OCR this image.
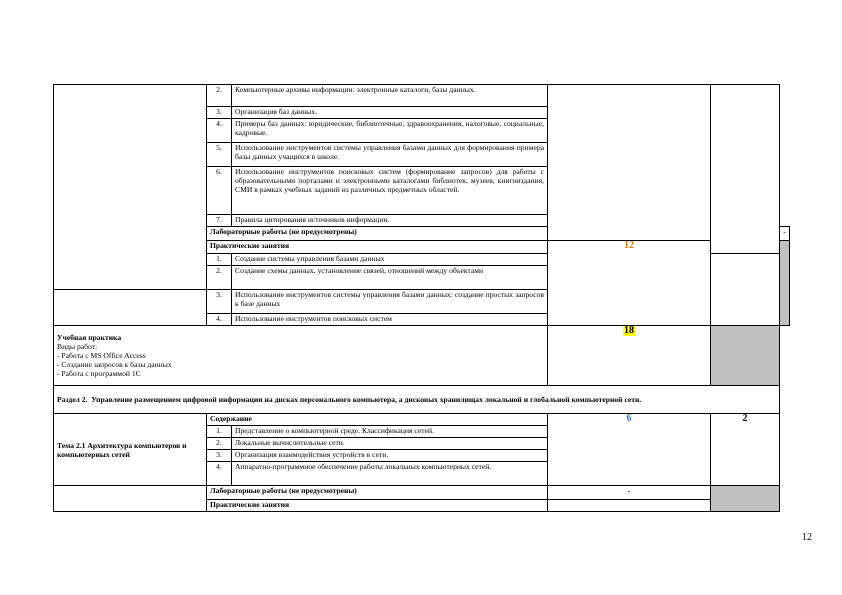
	2.	Компьютерные архивы информации: электронные каталоги, базы данных.			
	3.	Организация баз данных.			
	4.	Примеры баз данных: юридические, библиотечные, здравоохранения, налоговые, социальные, кадровые.			
	5.	Использование инструментов системы управления базами данных для формирования примера базы данных учащихся в школе.			
	6.	Использование инструментов поисковых систем (формирование запросов) для работы с образовательными порталами и электронными каталогами библиотек, музеев, книгоиздания, СМИ в рамках учебных заданий из различных предметных областей.			
	7.	Правила цитирования источников информации.			
	Лабораторные работы (не предусмотрены)				-
	Практические занятия		12		
	1.	Создание системы управления базами данных			
	2.	Создание схемы данных, установление связей, отношений между объектами			
	3.	Использование инструментов системы управления базами данных: создание простых запросов к базе данных			
	4.	Использование инструментов поисковых систем			

Учебная практика
Виды работ:
- Работа с MS Office Access
- Создание запросов к базы данных
- Работа с программой 1С			18		
Раздел 2. Управление размещением цифровой информации на дисках персонального компьютера, а дисковых хранилищах локальной и глобальной компьютерной сети.					
Тема 2.1 Архитектура компьютеров и компьютерных сетей	Содержание		6	2	
	1.	Представление о компьютерной среде. Классификация сетей.			
	2.	Локальные вычислительные сети.			
	3.	Организация взаимодействия устройств в сети.			
	4.	Аппаратно-программное обеспечение работы локальных компьютерных сетей.			
	Лабораторные работы (не предусмотрены)		-		
	Практические занятия				
12
